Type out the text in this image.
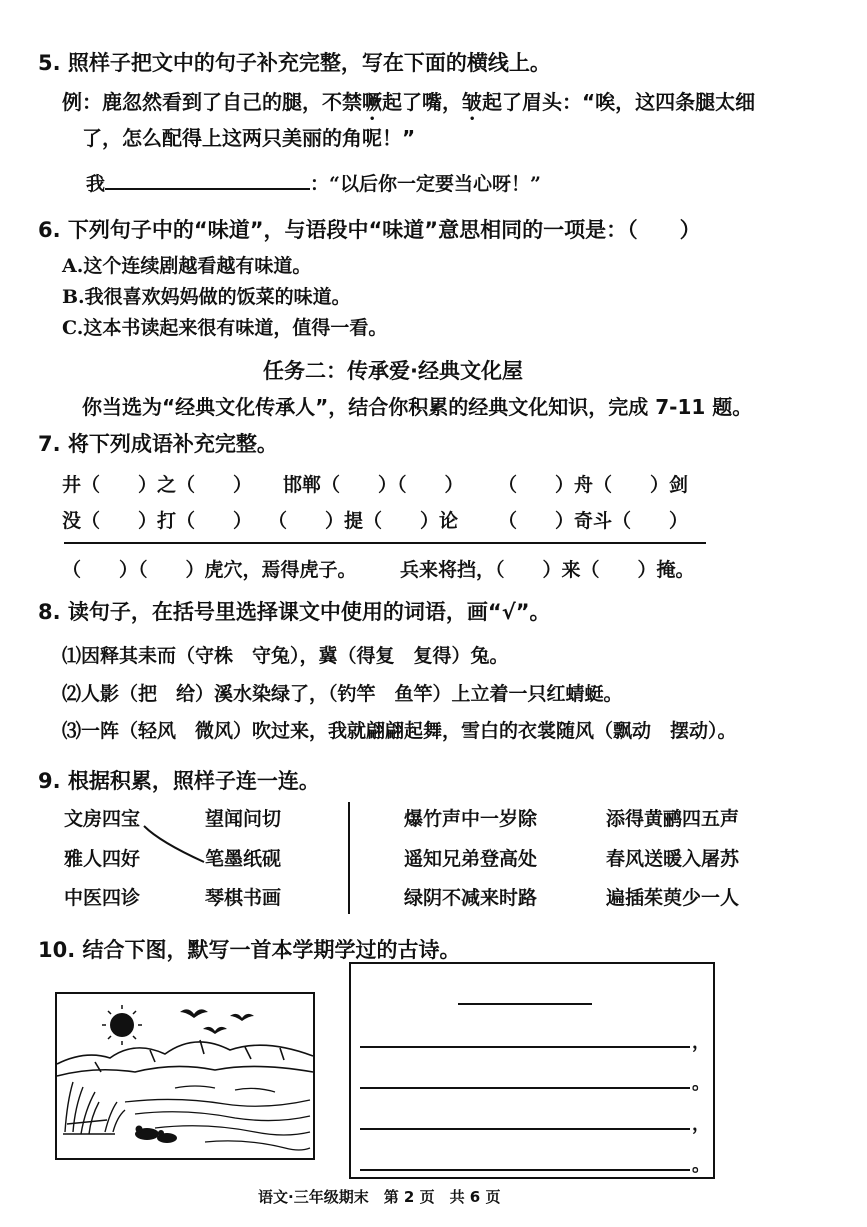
5. 照样子把文中的句子补充完整，写在下面的横线上。
例：鹿忽然看到了自己的腿，不禁噘起了嘴，皱起了眉头：“唉，这四条腿太细
了，怎么配得上这两只美丽的角呢！”
我	：“以后你一定要当心呀！”
6. 下列句子中的“味道”，与语段中“味道”意思相同的一项是：（　　）
A.这个连续剧越看越有味道。
B.我很喜欢妈妈做的饭菜的味道。
C.这本书读起来很有味道，值得一看。
任务二：传承爱·经典文化屋
你当选为“经典文化传承人”，结合你积累的经典文化知识，完成 7-11 题。
7. 将下列成语补充完整。
井（　　）之（　　） 邯郸（　　）（　　） （　　）舟（　　）剑
没（　　）打（　　） （　　）提（　　）论 （　　）奇斗（　　）
（　　）（　　）虎穴，焉得虎子。 兵来将挡，（　　）来（　　）掩。
8. 读句子，在括号里选择课文中使用的词语，画“√”。
⑴因释其耒而（守株　守兔），冀（得复　复得）兔。
⑵人影（把　给）溪水染绿了，（钓竿　鱼竿）上立着一只红蜻蜓。
⑶一阵（轻风　微风）吹过来，我就翩翩起舞，雪白的衣裳随风（飘动　摆动）。
9. 根据积累，照样子连一连。
文房四宝
雅人四好
中医四诊
望闻问切
笔墨纸砚
琴棋书画
爆竹声中一岁除
遥知兄弟登高处
绿阴不减来时路
添得黄鹂四五声
春风送暖入屠苏
遍插茱萸少一人
10. 结合下图，默写一首本学期学过的古诗。
，
。
，
。
语文·三年级期末　第 2 页　共 6 页
